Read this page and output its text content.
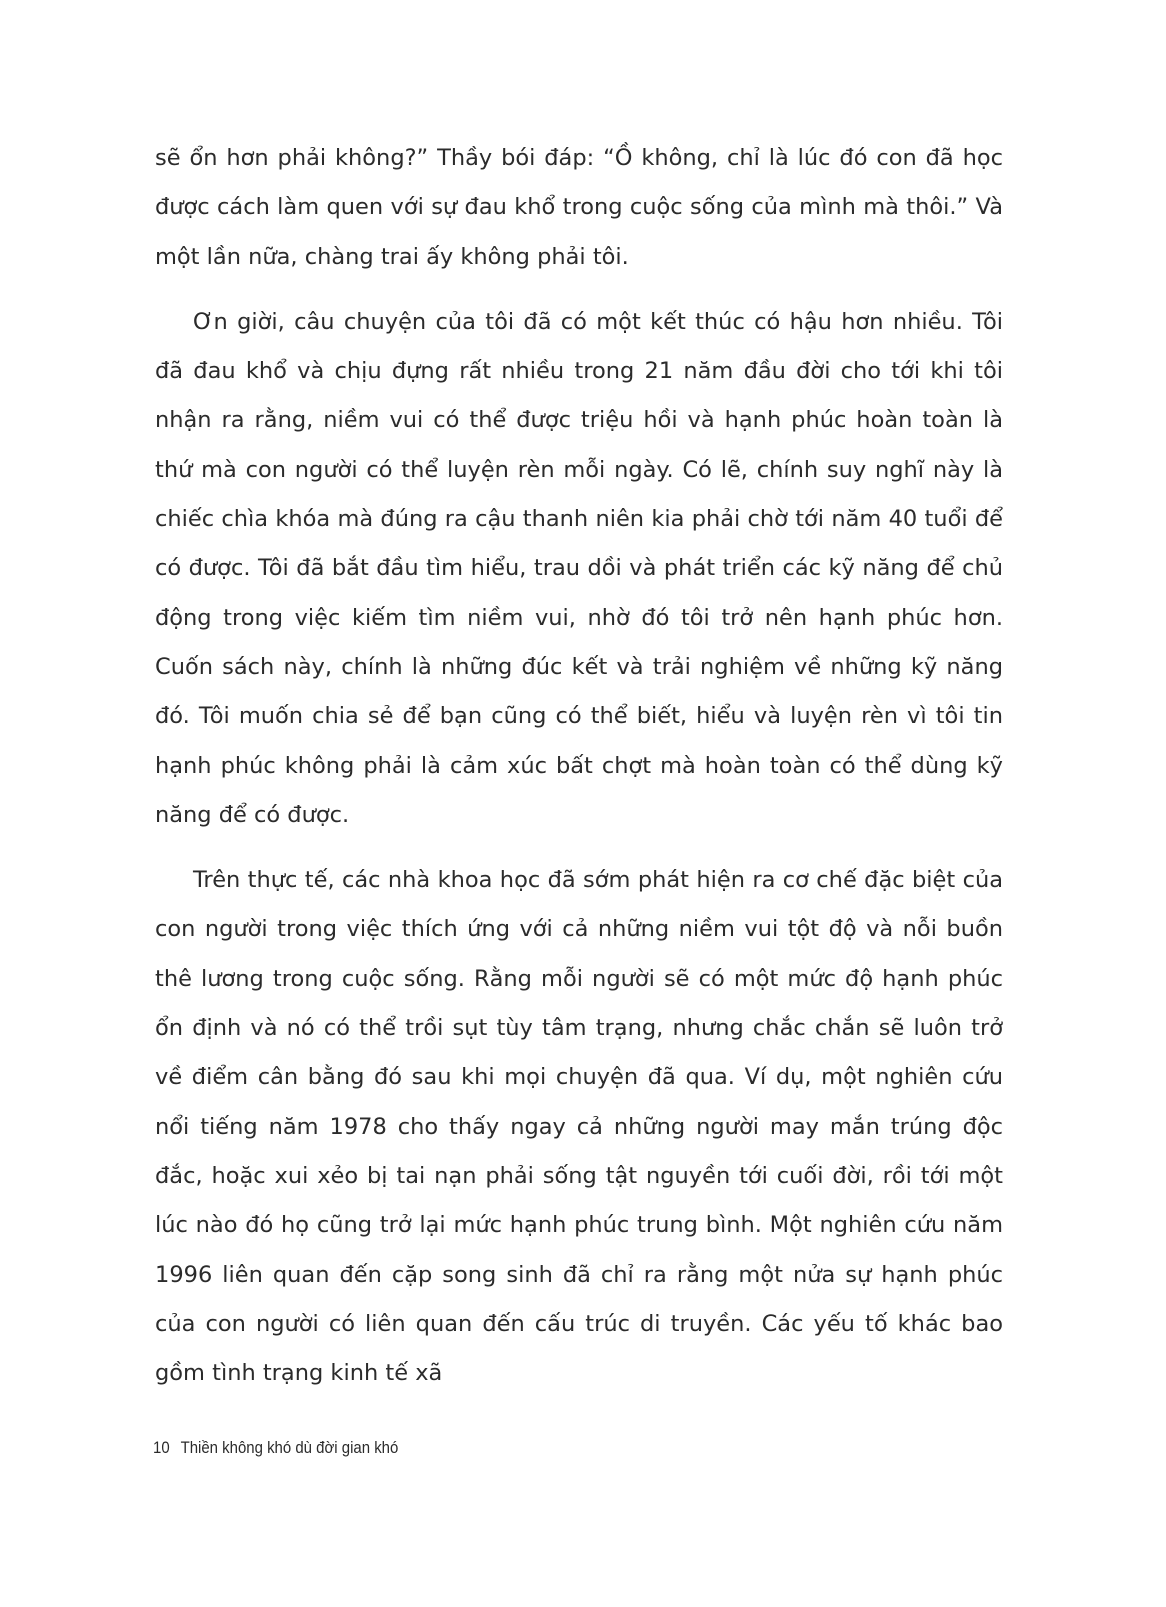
sẽ ổn hơn phải không?” Thầy bói đáp: “Ồ không, chỉ là lúc đó con đã học được cách làm quen với sự đau khổ trong cuộc sống của mình mà thôi.” Và một lần nữa, chàng trai ấy không phải tôi.

Ơn giời, câu chuyện của tôi đã có một kết thúc có hậu hơn nhiều. Tôi đã đau khổ và chịu đựng rất nhiều trong 21 năm đầu đời cho tới khi tôi nhận ra rằng, niềm vui có thể được triệu hồi và hạnh phúc hoàn toàn là thứ mà con người có thể luyện rèn mỗi ngày. Có lẽ, chính suy nghĩ này là chiếc chìa khóa mà đúng ra cậu thanh niên kia phải chờ tới năm 40 tuổi để có được. Tôi đã bắt đầu tìm hiểu, trau dồi và phát triển các kỹ năng để chủ động trong việc kiếm tìm niềm vui, nhờ đó tôi trở nên hạnh phúc hơn. Cuốn sách này, chính là những đúc kết và trải nghiệm về những kỹ năng đó. Tôi muốn chia sẻ để bạn cũng có thể biết, hiểu và luyện rèn vì tôi tin hạnh phúc không phải là cảm xúc bất chợt mà hoàn toàn có thể dùng kỹ năng để có được.

Trên thực tế, các nhà khoa học đã sớm phát hiện ra cơ chế đặc biệt của con người trong việc thích ứng với cả những niềm vui tột độ và nỗi buồn thê lương trong cuộc sống. Rằng mỗi người sẽ có một mức độ hạnh phúc ổn định và nó có thể trồi sụt tùy tâm trạng, nhưng chắc chắn sẽ luôn trở về điểm cân bằng đó sau khi mọi chuyện đã qua. Ví dụ, một nghiên cứu nổi tiếng năm 1978 cho thấy ngay cả những người may mắn trúng độc đắc, hoặc xui xẻo bị tai nạn phải sống tật nguyền tới cuối đời, rồi tới một lúc nào đó họ cũng trở lại mức hạnh phúc trung bình. Một nghiên cứu năm 1996 liên quan đến cặp song sinh đã chỉ ra rằng một nửa sự hạnh phúc của con người có liên quan đến cấu trúc di truyền. Các yếu tố khác bao gồm tình trạng kinh tế xã

10 Thiền không khó dù đời gian khó
